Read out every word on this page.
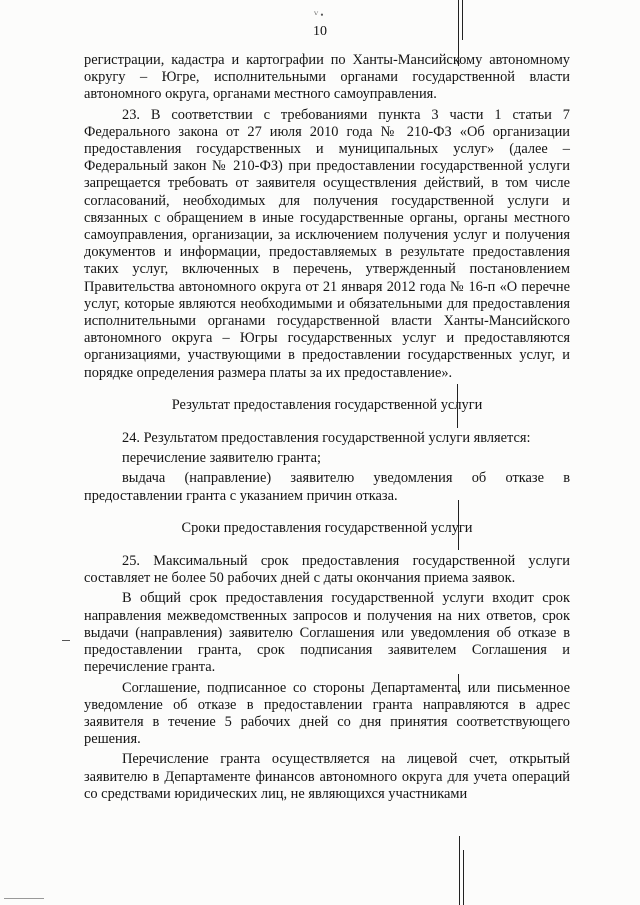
ⱽ •
10

регистрации, кадастра и картографии по Ханты-Мансийскому автономному округу – Югре, исполнительными органами государственной власти автономного округа, органами местного самоуправления.

23. В соответствии с требованиями пункта 3 части 1 статьи 7 Федерального закона от 27 июля 2010 года № 210-ФЗ «Об организации предоставления государственных и муниципальных услуг» (далее – Федеральный закон № 210-ФЗ) при предоставлении государственной услуги запрещается требовать от заявителя осуществления действий, в том числе согласований, необходимых для получения государственной услуги и связанных с обращением в иные государственные органы, органы местного самоуправления, организации, за исключением получения услуг и получения документов и информации, предоставляемых в результате предоставления таких услуг, включенных в перечень, утвержденный постановлением Правительства автономного округа от 21 января 2012 года № 16-п «О перечне услуг, которые являются необходимыми и обязательными для предоставления исполнительными органами государственной власти Ханты-Мансийского автономного округа – Югры государственных услуг и предоставляются организациями, участвующими в предоставлении государственных услуг, и порядке определения размера платы за их предоставление».

Результат предоставления государственной услуги

24. Результатом предоставления государственной услуги является:

перечисление заявителю гранта;

выдача (направление) заявителю уведомления об отказе в предоставлении гранта с указанием причин отказа.

Сроки предоставления государственной услуги

25. Максимальный срок предоставления государственной услуги составляет не более 50 рабочих дней с даты окончания приема заявок.

В общий срок предоставления государственной услуги входит срок направления межведомственных запросов и получения на них ответов, срок выдачи (направления) заявителю Соглашения или уведомления об отказе в предоставлении гранта, срок подписания заявителем Соглашения и перечисление гранта.

Соглашение, подписанное со стороны Департамента, или письменное уведомление об отказе в предоставлении гранта направляются в адрес заявителя в течение 5 рабочих дней со дня принятия соответствующего решения.

Перечисление гранта осуществляется на лицевой счет, открытый заявителю в Департаменте финансов автономного округа для учета операций со средствами юридических лиц, не являющихся участниками
